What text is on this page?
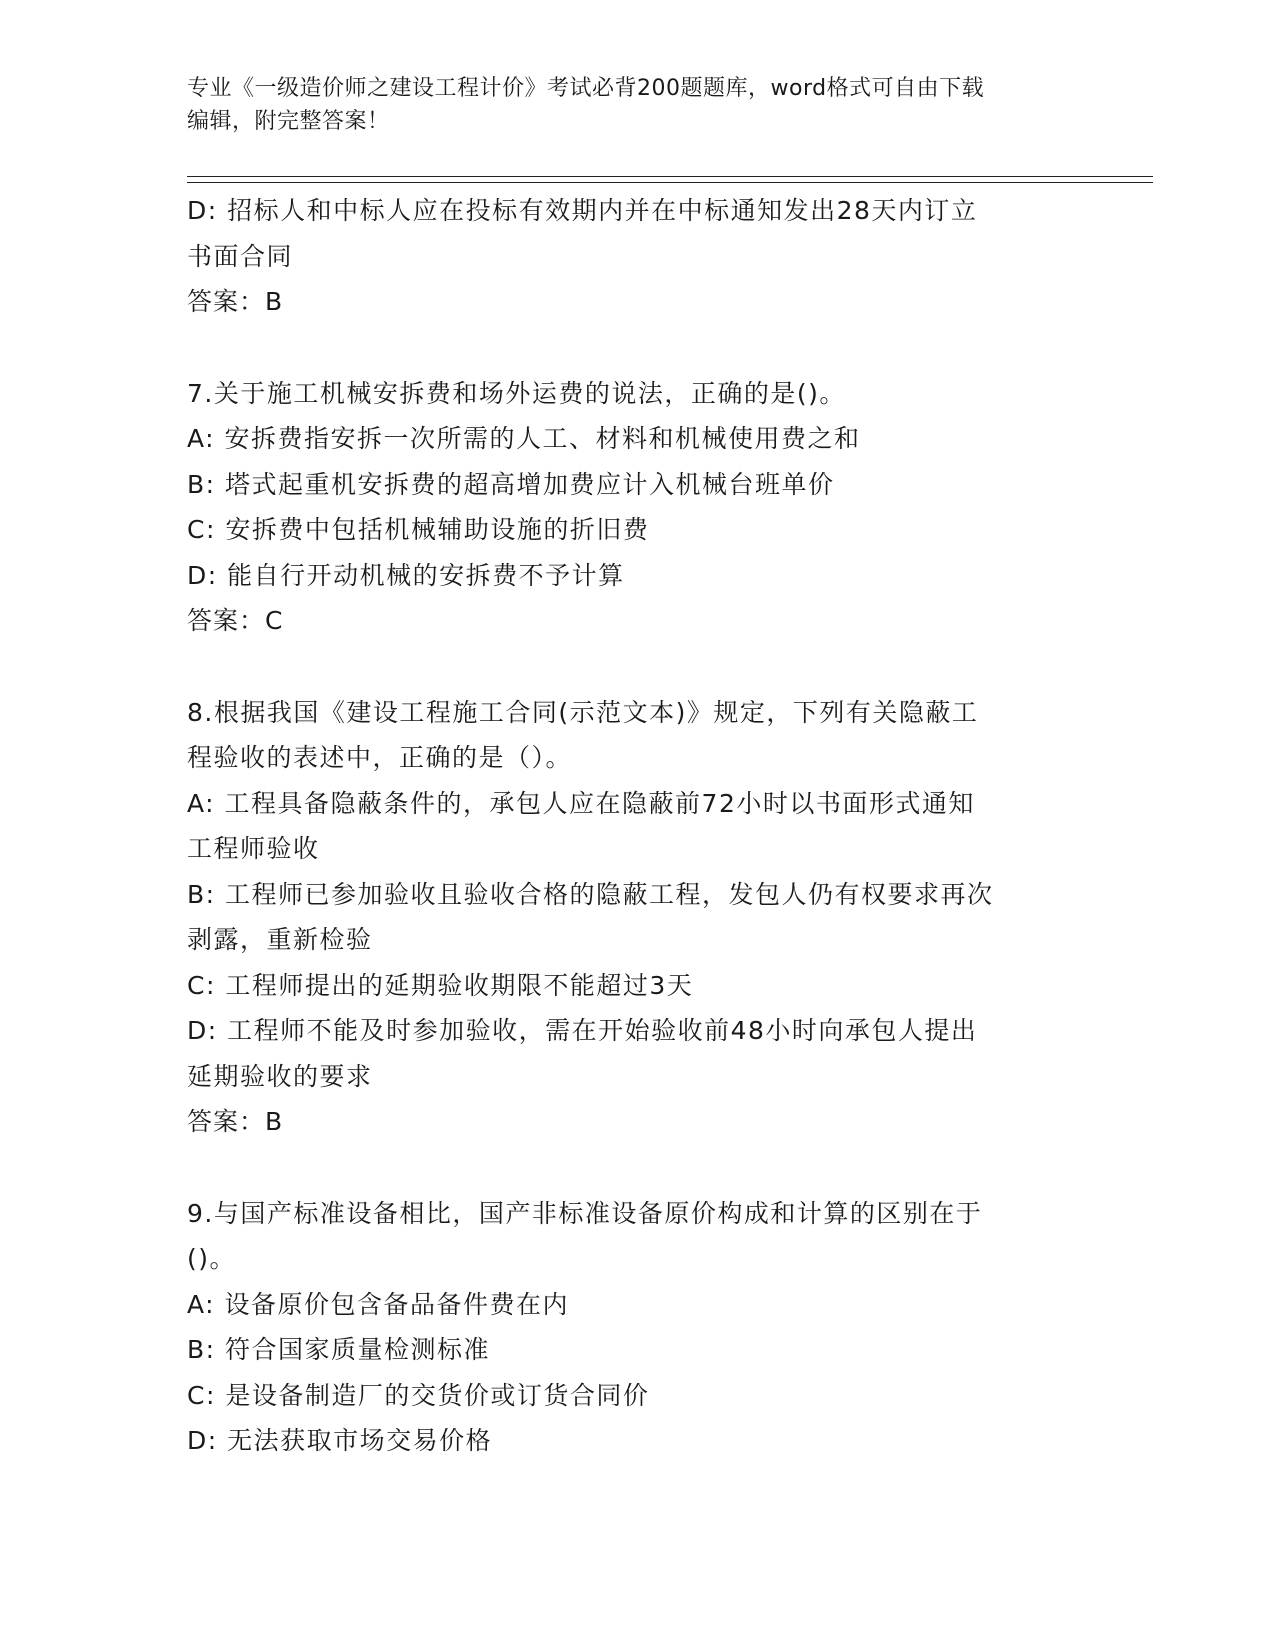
专业《一级造价师之建设工程计价》考试必背200题题库，word格式可自由下载
编辑，附完整答案！
D: 招标人和中标人应在投标有效期内并在中标通知发出28天内订立
书面合同
答案：B
7.关于施工机械安拆费和场外运费的说法，正确的是()。
A: 安拆费指安拆一次所需的人工、材料和机械使用费之和
B: 塔式起重机安拆费的超高增加费应计入机械台班单价
C: 安拆费中包括机械辅助设施的折旧费
D: 能自行开动机械的安拆费不予计算
答案：C
8.根据我国《建设工程施工合同(示范文本)》规定，下列有关隐蔽工
程验收的表述中，正确的是（）。
A: 工程具备隐蔽条件的，承包人应在隐蔽前72小时以书面形式通知
工程师验收
B: 工程师已参加验收且验收合格的隐蔽工程，发包人仍有权要求再次
剥露，重新检验
C: 工程师提出的延期验收期限不能超过3天
D: 工程师不能及时参加验收，需在开始验收前48小时向承包人提出
延期验收的要求
答案：B
9.与国产标准设备相比，国产非标准设备原价构成和计算的区别在于
()。
A: 设备原价包含备品备件费在内
B: 符合国家质量检测标准
C: 是设备制造厂的交货价或订货合同价
D: 无法获取市场交易价格
